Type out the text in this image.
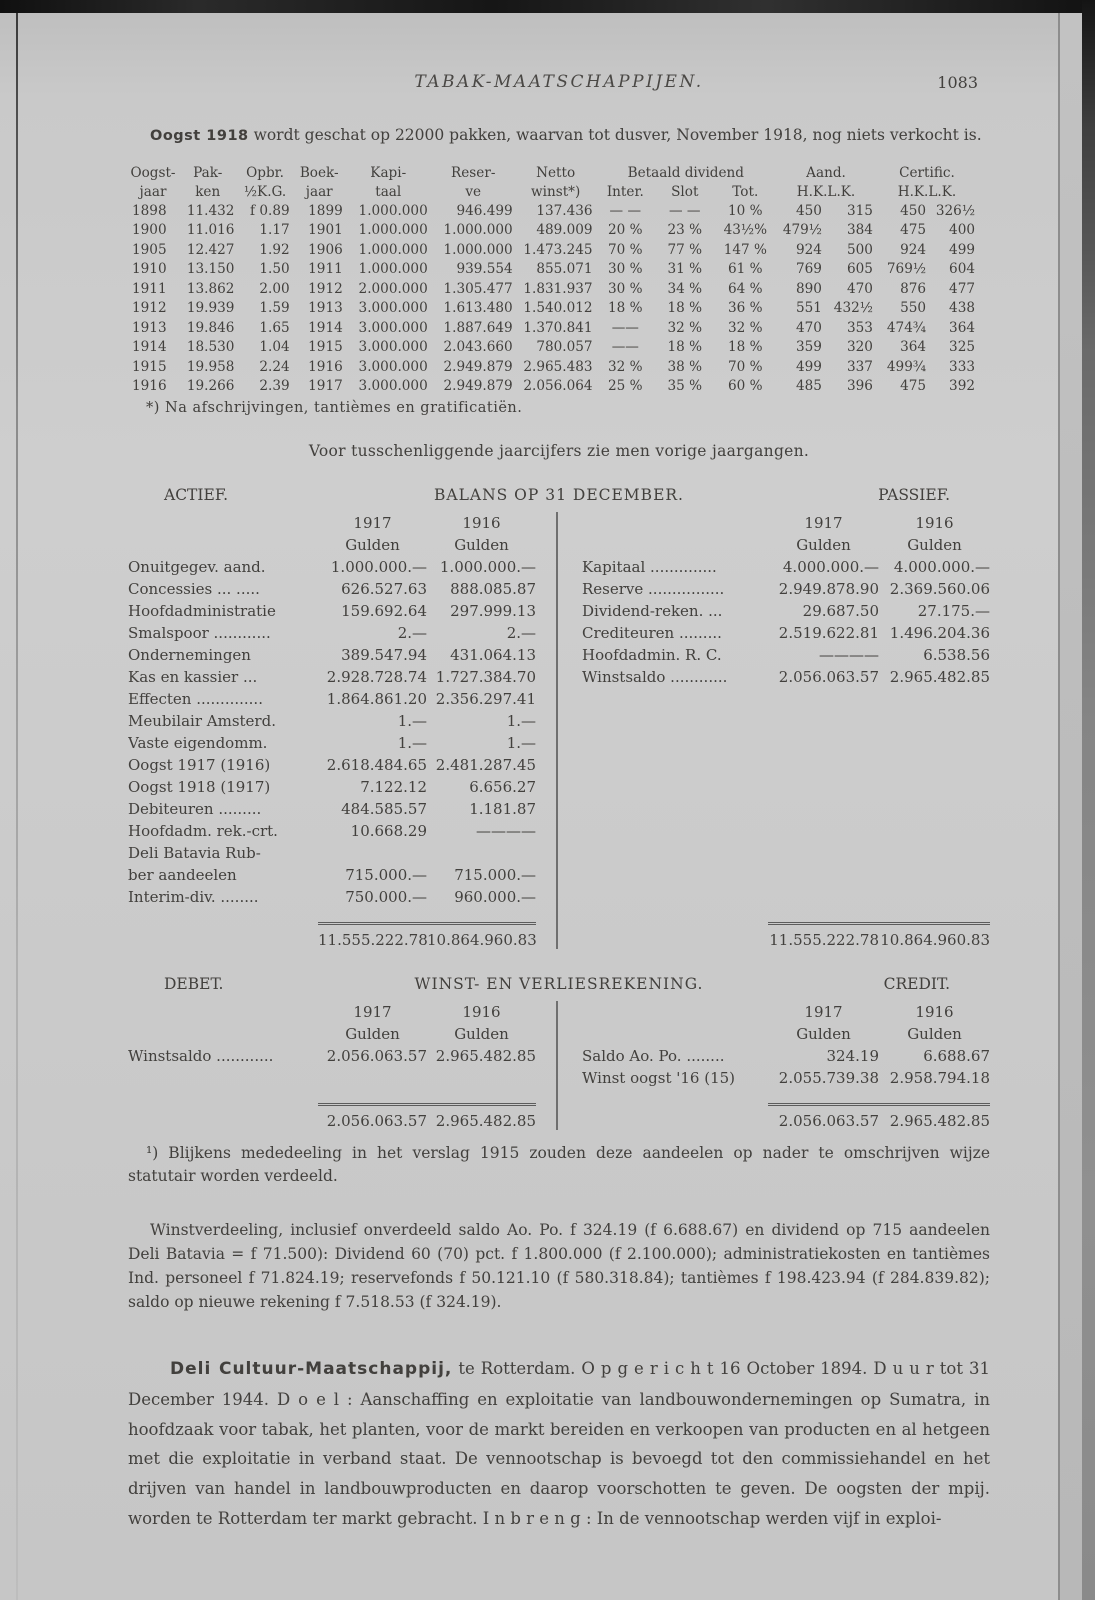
TABAK-MAATSCHAPPIJEN.	1083

Oogst 1918 wordt geschat op 22000 pakken, waarvan tot dusver, November 1918, nog niets verkocht is.

Oogst-	Pak-	Opbr.	Boek-	Kapi-	Reser-	Netto	Betaald dividend			Aand.		Certific.	
jaar	ken	½K.G.	jaar	taal	ve	winst*)	Inter.	Slot	Tot.	H.K.L.K.		H.K.L.K.	
1898	11.432	f 0.89	1899	1.000.000	946.499	137.436	— —	— —	10 %	450	315	450	326½
1900	11.016	1.17	1901	1.000.000	1.000.000	489.009	20 %	23 %	43½%	479½	384	475	400
1905	12.427	1.92	1906	1.000.000	1.000.000	1.473.245	70 %	77 %	147 %	924	500	924	499
1910	13.150	1.50	1911	1.000.000	939.554	855.071	30 %	31 %	61 %	769	605	769½	604
1911	13.862	2.00	1912	2.000.000	1.305.477	1.831.937	30 %	34 %	64 %	890	470	876	477
1912	19.939	1.59	1913	3.000.000	1.613.480	1.540.012	18 %	18 %	36 %	551	432½	550	438
1913	19.846	1.65	1914	3.000.000	1.887.649	1.370.841	——	32 %	32 %	470	353	474¾	364
1914	18.530	1.04	1915	3.000.000	2.043.660	780.057	——	18 %	18 %	359	320	364	325
1915	19.958	2.24	1916	3.000.000	2.949.879	2.965.483	32 %	38 %	70 %	499	337	499¾	333
1916	19.266	2.39	1917	3.000.000	2.949.879	2.056.064	25 %	35 %	60 %	485	396	475	392
*) Na afschrijvingen, tantièmes en gratificatiën.
Voor tusschenliggende jaarcijfers zie men vorige jaargangen.
ACTIEF.	BALANS OP 31 DECEMBER.	PASSIEF.
1917	1916
Gulden	Gulden
Onuitgegev. aand.	1.000.000.— 1.000.000.—
Concessies ... .....	626.527.63	888.085.87
Hoofdadministratie	159.692.64	297.999.13
Smalspoor ............	2.—	2.—
Ondernemingen	389.547.94	431.064.13
Kas en kassier ...	2.928.728.74 1.727.384.70
Effecten ..............	1.864.861.20 2.356.297.41
Meubilair Amsterd.	1.—	1.—
Vaste eigendomm.	1.—	1.—
Oogst 1917 (1916)	2.618.484.65 2.481.287.45
Oogst 1918 (1917)	7.122.12	6.656.27
Debiteuren .........	484.585.57	1.181.87
Hoofdadm. rek.-crt.	10.668.29	————
Deli Batavia Rub-
ber aandeelen	715.000.—	715.000.—
Interim-div. ........	750.000.—	960.000.—
1917	1916
Gulden	Gulden
Kapitaal ..............	4.000.000.— 4.000.000.—
Reserve ................	2.949.878.90 2.369.560.06
Dividend-reken. ...	29.687.50	27.175.—
Crediteuren .........	2.519.622.81 1.496.204.36
Hoofdadmin. R. C.	————	6.538.56
Winstsaldo ............	2.056.063.57 2.965.482.85
11.555.222.78 10.864.960.83	11.555.222.78 10.864.960.83
DEBET.	WINST- EN VERLIESREKENING.	CREDIT.
1917	1916
Gulden	Gulden
Winstsaldo ............	2.056.063.57 2.965.482.85
1917	1916
Gulden	Gulden
Saldo Ao. Po. ........	324.19	6.688.67
Winst oogst '16 (15)	2.055.739.38 2.958.794.18
2.056.063.57 2.965.482.85	2.056.063.57 2.965.482.85

¹) Blijkens mededeeling in het verslag 1915 zouden deze aandeelen op nader te omschrijven wijze statutair worden verdeeld.

Winstverdeeling, inclusief onverdeeld saldo Ao. Po. f 324.19 (f 6.688.67) en dividend op 715 aandeelen Deli Batavia = f 71.500): Dividend 60 (70) pct. f 1.800.000 (f 2.100.000); administratiekosten en tantièmes Ind. personeel f 71.824.19; reservefonds f 50.121.10 (f 580.318.84); tantièmes f 198.423.94 (f 284.839.82); saldo op nieuwe rekening f 7.518.53 (f 324.19).

Deli Cultuur-Maatschappij, te Rotterdam. O p g e r i c h t 16 October 1894. D u u r tot 31 December 1944. D o e l : Aanschaffing en exploitatie van landbouwondernemingen op Sumatra, in hoofdzaak voor tabak, het planten, voor de markt bereiden en verkoopen van producten en al hetgeen met die exploitatie in verband staat. De vennootschap is bevoegd tot den commissiehandel en het drijven van handel in landbouwproducten en daarop voorschotten te geven. De oogsten der mpij. worden te Rotterdam ter markt gebracht. I n b r e n g : In de vennootschap werden vijf in exploi-
